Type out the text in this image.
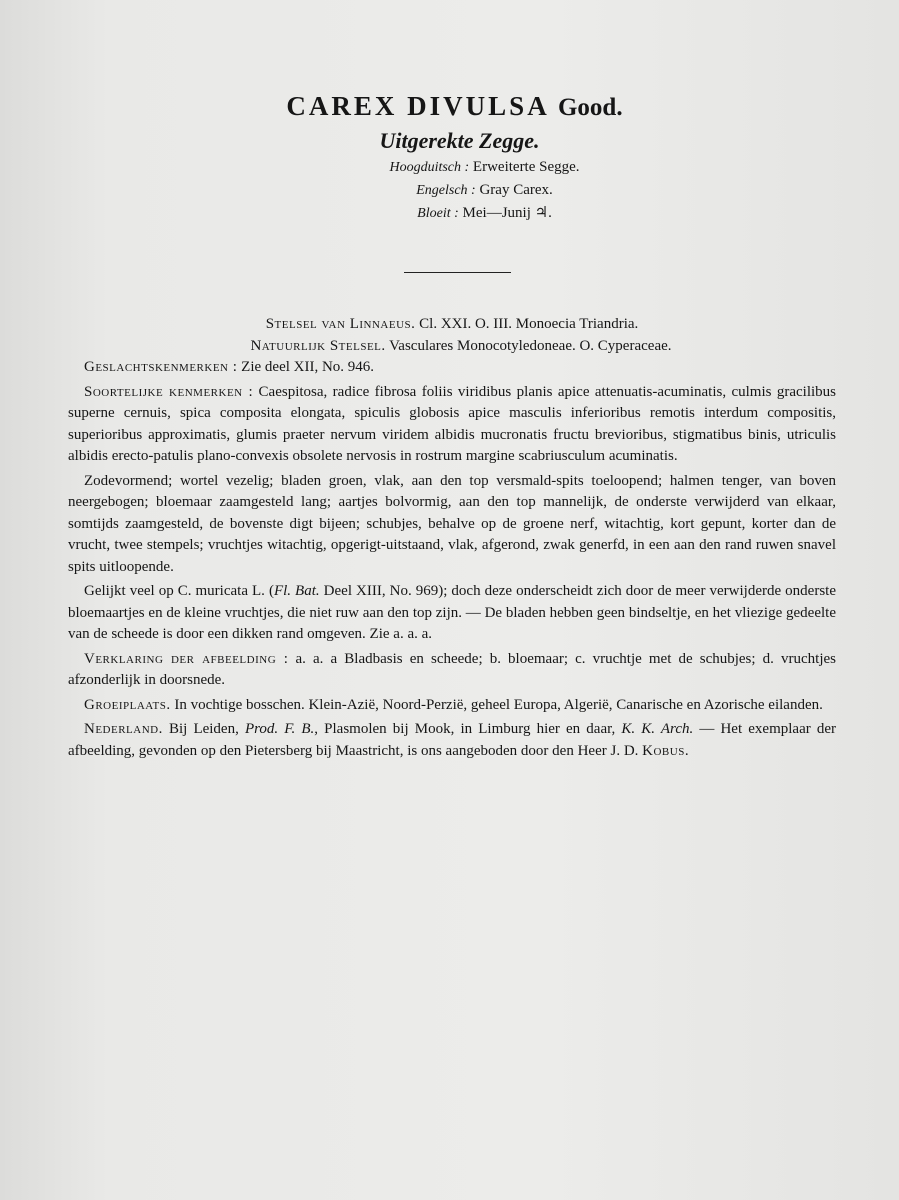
CAREX DIVULSA Good.
Uitgerekte Zegge.
Hoogduitsch : Erweiterte Segge.
Engelsch : Gray Carex.
Bloeit : Mei—Junij ♃.
Stelsel van Linnaeus. Cl. XXI. O. III. Monoecia Triandria.
Natuurlijk Stelsel. Vasculares Monocotyledoneae. O. Cyperaceae.

Geslachtskenmerken : Zie deel XII, No. 946.

Soortelijke kenmerken : Caespitosa, radice fibrosa foliis viridibus planis apice attenuatis-acuminatis, culmis gracilibus superne cernuis, spica composita elongata, spiculis globosis apice masculis inferioribus remotis interdum compositis, superioribus approximatis, glumis praeter nervum viridem albidis mucronatis fructu brevioribus, stigmatibus binis, utriculis albidis erecto-patulis plano-convexis obsolete nervosis in rostrum margine scabriusculum acuminatis.

Zodevormend; wortel vezelig; bladen groen, vlak, aan den top versmald-spits toeloopend; halmen tenger, van boven neergebogen; bloemaar zaamgesteld lang; aartjes bolvormig, aan den top mannelijk, de onderste verwijderd van elkaar, somtijds zaamgesteld, de bovenste digt bijeen; schubjes, behalve op de groene nerf, witachtig, kort gepunt, korter dan de vrucht, twee stempels; vruchtjes witachtig, opgerigt-uitstaand, vlak, afgerond, zwak generfd, in een aan den rand ruwen snavel spits uitloopende.

Gelijkt veel op C. muricata L. (Fl. Bat. Deel XIII, No. 969); doch deze onderscheidt zich door de meer verwijderde onderste bloemaartjes en de kleine vruchtjes, die niet ruw aan den top zijn. — De bladen hebben geen bindseltje, en het vliezige gedeelte van de scheede is door een dikken rand omgeven. Zie a. a. a.

Verklaring der afbeelding : a. a. a Bladbasis en scheede; b. bloemaar; c. vruchtje met de schubjes; d. vruchtjes afzonderlijk in doorsnede.

Groeiplaats. In vochtige bosschen. Klein-Azië, Noord-Perzië, geheel Europa, Algerië, Canarische en Azorische eilanden.

Nederland. Bij Leiden, Prod. F. B., Plasmolen bij Mook, in Limburg hier en daar, K. K. Arch. — Het exemplaar der afbeelding, gevonden op den Pietersberg bij Maastricht, is ons aangeboden door den Heer J. D. Kobus.
